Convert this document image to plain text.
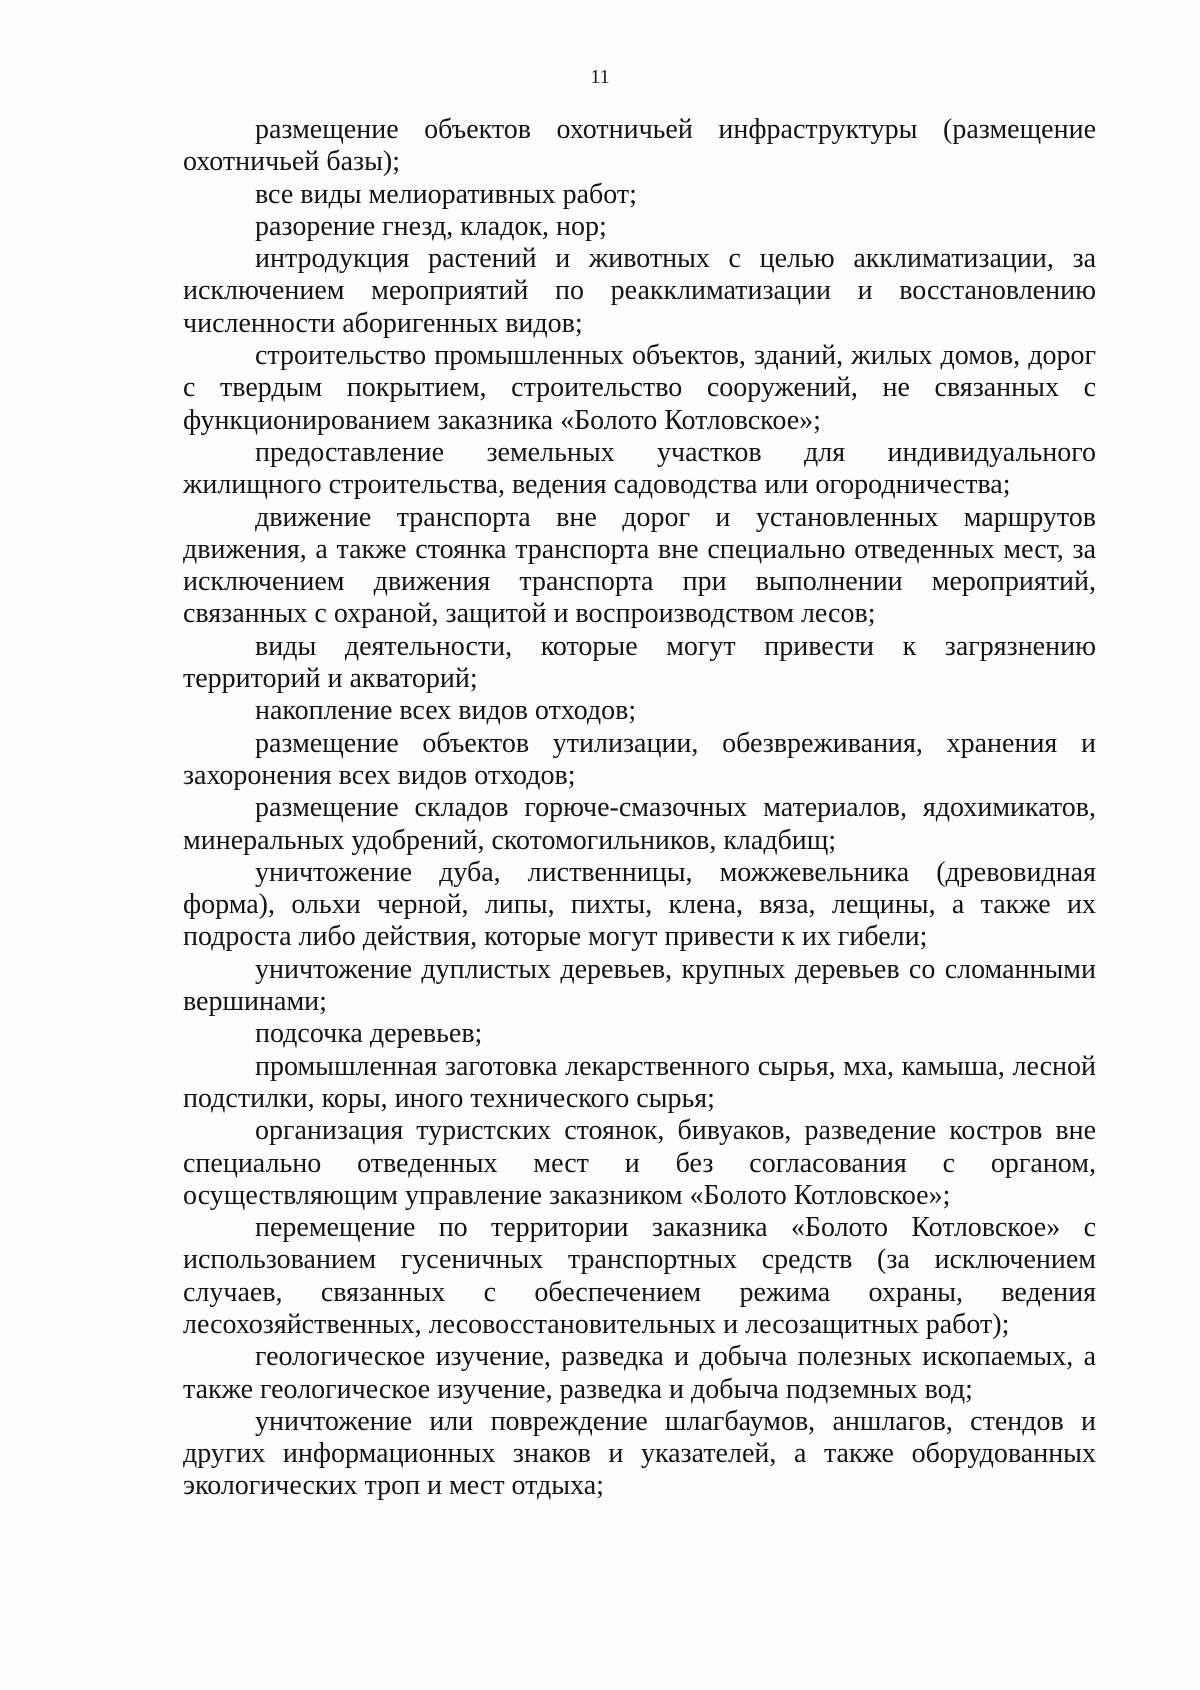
11

размещение объектов охотничьей инфраструктуры (размещение охотничьей базы);

все виды мелиоративных работ;

разорение гнезд, кладок, нор;

интродукция растений и животных с целью акклиматизации, за исключением мероприятий по реакклиматизации и восстановлению численности аборигенных видов;

строительство промышленных объектов, зданий, жилых домов, дорог с твердым покрытием, строительство сооружений, не связанных с функционированием заказника «Болото Котловское»;

предоставление земельных участков для индивидуального жилищного строительства, ведения садоводства или огородничества;

движение транспорта вне дорог и установленных маршрутов движения, а также стоянка транспорта вне специально отведенных мест, за исключением движения транспорта при выполнении мероприятий, связанных с охраной, защитой и воспроизводством лесов;

виды деятельности, которые могут привести к загрязнению территорий и акваторий;

накопление всех видов отходов;

размещение объектов утилизации, обезвреживания, хранения и захоронения всех видов отходов;

размещение складов горюче-смазочных материалов, ядохимикатов, минеральных удобрений, скотомогильников, кладбищ;

уничтожение дуба, лиственницы, можжевельника (древовидная форма), ольхи черной, липы, пихты, клена, вяза, лещины, а также их подроста либо действия, которые могут привести к их гибели;

уничтожение дуплистых деревьев, крупных деревьев со сломанными вершинами;

подсочка деревьев;

промышленная заготовка лекарственного сырья, мха, камыша, лесной подстилки, коры, иного технического сырья;

организация туристских стоянок, бивуаков, разведение костров вне специально отведенных мест и без согласования с органом, осуществляющим управление заказником «Болото Котловское»;

перемещение по территории заказника «Болото Котловское» с использованием гусеничных транспортных средств (за исключением случаев, связанных с обеспечением режима охраны, ведения лесохозяйственных, лесовосстановительных и лесозащитных работ);

геологическое изучение, разведка и добыча полезных ископаемых, а также геологическое изучение, разведка и добыча подземных вод;

уничтожение или повреждение шлагбаумов, аншлагов, стендов и других информационных знаков и указателей, а также оборудованных экологических троп и мест отдыха;
